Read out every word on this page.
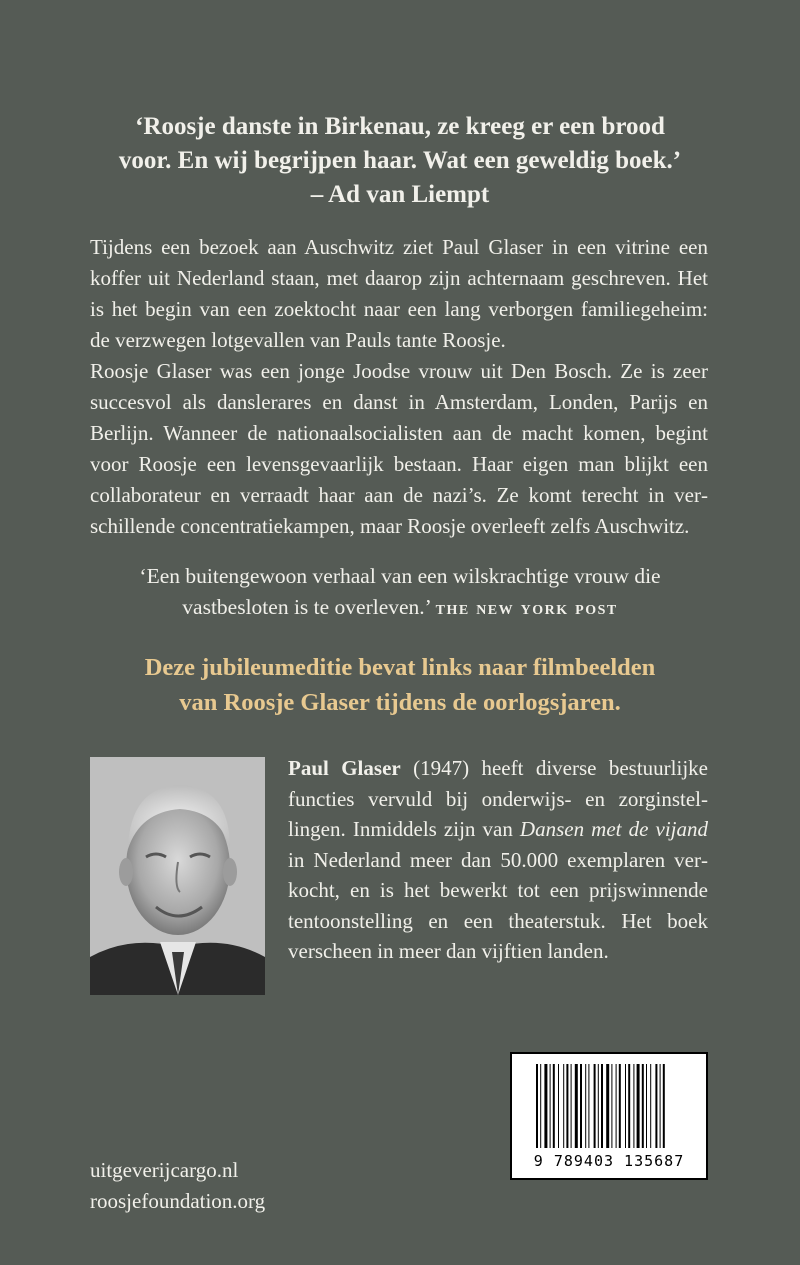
‘Roosje danste in Birkenau, ze kreeg er een brood
voor. En wij begrijpen haar. Wat een geweldig boek.’
– Ad van Liempt

Tijdens een bezoek aan Auschwitz ziet Paul Glaser in een vitrine een koffer uit Nederland staan, met daarop zijn achternaam geschreven. Het is het begin van een zoektocht naar een lang verborgen familiegeheim: de verzwegen lotgevallen van Pauls tante Roosje.

Roosje Glaser was een jonge Joodse vrouw uit Den Bosch. Ze is zeer succesvol als danslerares en danst in Amsterdam, Londen, Parijs en Berlijn. Wanneer de nationaalsocialisten aan de macht komen, begint voor Roosje een levensgevaarlijk bestaan. Haar eigen man blijkt een collaborateur en verraadt haar aan de nazi’s. Ze komt terecht in verschillende concentratiekampen, maar Roosje overleeft zelfs Auschwitz.

‘Een buitengewoon verhaal van een wilskrachtige vrouw die
vastbesloten is te overleven.’ the new york post
Deze jubileumeditie bevat links naar filmbeelden
van Roosje Glaser tijdens de oorlogsjaren.

Paul Glaser (1947) heeft diverse bestuurlijke functies vervuld bij onderwijs- en zorginstellingen. Inmiddels zijn van Dansen met de vijand in Nederland meer dan 50.000 exemplaren verkocht, en is het bewerkt tot een prijswinnende tentoonstelling en een theaterstuk. Het boek verscheen in meer dan vijftien landen.

uitgeverijcargo.nl
roosjefoundation.org
9 789403 135687
